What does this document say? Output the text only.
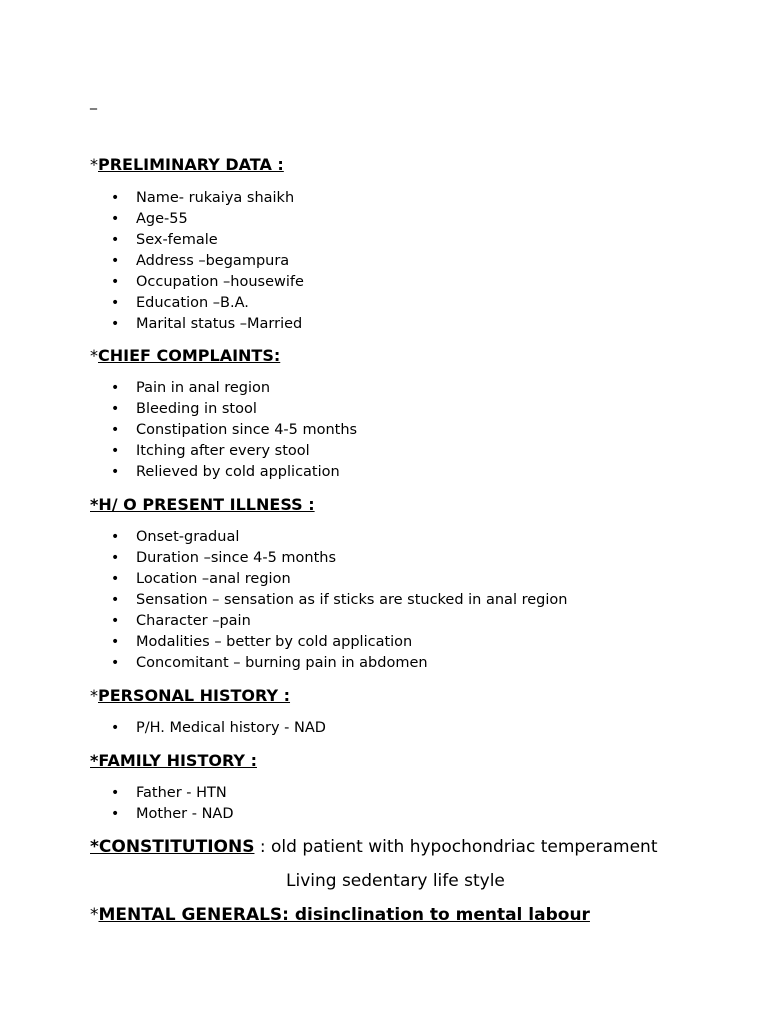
_
*PRELIMINARY DATA :
• Name- rukaiya shaikh
• Age-55
• Sex-female
• Address –begampura
• Occupation –housewife
• Education –B.A.
• Marital status –Married
*CHIEF COMPLAINTS:
• Pain in anal region
• Bleeding in stool
• Constipation since 4-5 months
• Itching after every stool
• Relieved by cold application
*H/ O PRESENT ILLNESS :
• Onset-gradual
• Duration –since 4-5 months
• Location –anal region
• Sensation – sensation as if sticks are stucked in anal region
• Character –pain
• Modalities – better by cold application
• Concomitant – burning pain in abdomen
*PERSONAL HISTORY :
• P/H. Medical history - NAD
*FAMILY HISTORY :
• Father - HTN
• Mother - NAD
*CONSTITUTIONS : old patient with hypochondriac temperament
Living sedentary life style
*MENTAL GENERALS: disinclination to mental labour
